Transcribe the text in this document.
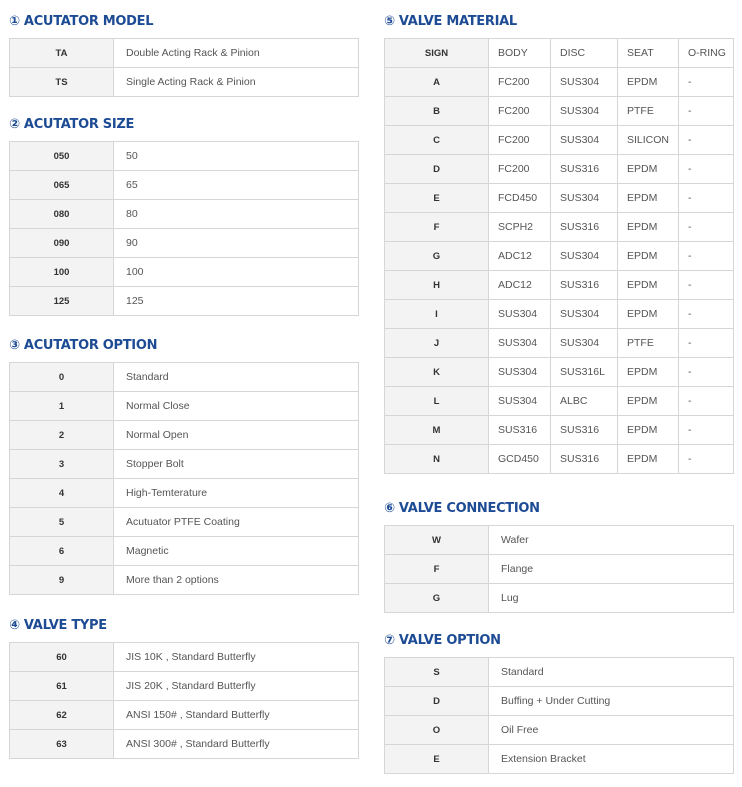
① ACUTATOR MODEL
TA	Double Acting Rack & Pinion
TS	Single Acting Rack & Pinion
② ACUTATOR SIZE
050	50
065	65
080	80
090	90
100	100
125	125
③ ACUTATOR OPTION
0	Standard
1	Normal Close
2	Normal Open
3	Stopper Bolt
4	High-Temterature
5	Acutuator PTFE Coating
6	Magnetic
9	More than 2 options
④ VALVE TYPE
60	JIS 10K , Standard Butterfly
61	JIS 20K , Standard Butterfly
62	ANSI 150# , Standard Butterfly
63	ANSI 300# , Standard Butterfly
⑤ VALVE MATERIAL
SIGN	BODY	DISC	SEAT	O-RING
A	FC200	SUS304	EPDM	-
B	FC200	SUS304	PTFE	-
C	FC200	SUS304	SILICON	-
D	FC200	SUS316	EPDM	-
E	FCD450	SUS304	EPDM	-
F	SCPH2	SUS316	EPDM	-
G	ADC12	SUS304	EPDM	-
H	ADC12	SUS316	EPDM	-
I	SUS304	SUS304	EPDM	-
J	SUS304	SUS304	PTFE	-
K	SUS304	SUS316L	EPDM	-
L	SUS304	ALBC	EPDM	-
M	SUS316	SUS316	EPDM	-
N	GCD450	SUS316	EPDM	-
⑥ VALVE CONNECTION
W	Wafer
F	Flange
G	Lug
⑦ VALVE OPTION
S	Standard
D	Buffing + Under Cutting
O	Oil Free
E	Extension Bracket
